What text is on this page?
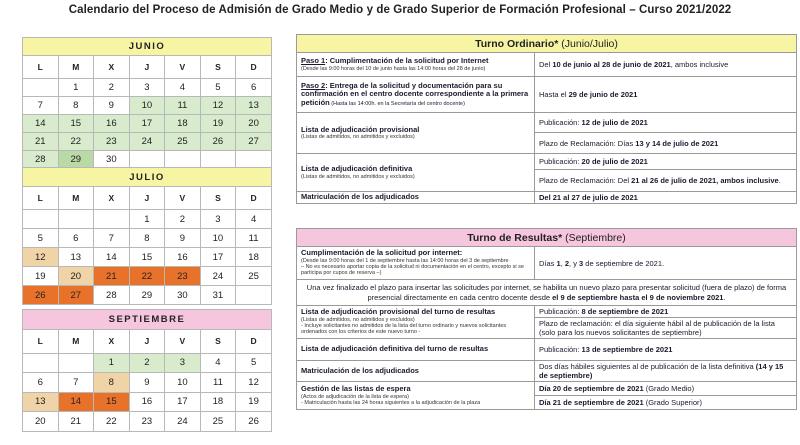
Calendario del Proceso de Admisión de Grado Medio y de Grado Superior de Formación Profesional – Curso 2021/2022
JUNIO						
L	M	X	J	V	S	D
	1	2	3	4	5	6
7	8	9	10	11	12	13
14	15	16	17	18	19	20
21	22	23	24	25	26	27
28	29	30				
JULIO						
L	M	X	J	V	S	D
			1	2	3	4
5	6	7	8	9	10	11
12	13	14	15	16	17	18
19	20	21	22	23	24	25
26	27	28	29	30	31	
SEPTIEMBRE						
L	M	X	J	V	S	D
		1	2	3	4	5
6	7	8	9	10	11	12
13	14	15	16	17	18	19
20	21	22	23	24	25	26
Turno Ordinario* (Junio/Julio)	
Paso 1: Cumplimentación de la solicitud por Internet
(Desde las 9:00 horas del 10 de junio hasta las 14:00 horas del 28 de junio)	Del 10 de junio al 28 de junio de 2021, ambos inclusive
Paso 2: Entrega de la solicitud y documentación para su confirmación en el centro docente correspondiente a la primera petición (Hasta las 14:00h. en la Secretaría del centro docente)	Hasta el 29 de junio de 2021
Lista de adjudicación provisional
(Listas de admitidos, no admitidos y excluidos)	Publicación: 12 de julio de 2021
	Plazo de Reclamación: Días 13 y 14 de julio de 2021
Lista de adjudicación definitiva
(Listas de admitidos, no admitidos y excluidos)	Publicación: 20 de julio de 2021
	Plazo de Reclamación: Del 21 al 26 de julio de 2021, ambos inclusive.
Matriculación de los adjudicados	Del 21 al 27 de julio de 2021
Turno de Resultas* (Septiembre)	
Cumplimentación de la solicitud por internet:
(Desde las 9:00 horas del 1 de septiembre hasta las 14:00 horas del 3 de septiembre
– No es necesario aportar copia de la solicitud ni documentación en el centro, excepto si se participa por cupos de reserva –)	Días 1, 2, y 3 de septiembre de 2021.
Una vez finalizado el plazo para insertar las solicitudes por internet, se habilita un nuevo plazo para presentar solicitud (fuera de plazo) de forma presencial directamente en cada centro docente desde el 9 de septiembre hasta el 9 de noviembre 2021.	
Lista de adjudicación provisional del turno de resultas
(Listas de admitidos, no admitidos y excluidos)
- Incluye solicitantes no admitidos de la lista del turno ordinario y nuevos solicitantes ordenados con los criterios de este nuevo turno -	Publicación: 8 de septiembre de 2021
	Plazo de reclamación: el día siguiente hábil al de publicación de la lista (solo para los nuevos solicitantes de septiembre)
Lista de adjudicación definitiva del turno de resultas	Publicación: 13 de septiembre de 2021
Matriculación de los adjudicados	Dos días hábiles siguientes al de publicación de la lista definitiva (14 y 15 de septiembre)
Gestión de las listas de espera
(Actos de adjudicación de la lista de espera)
- Matriculación hasta las 24 horas siguientes a la adjudicación de la plaza	Día 20 de septiembre de 2021 (Grado Medio)
	Día 21 de septiembre de 2021 (Grado Superior)
